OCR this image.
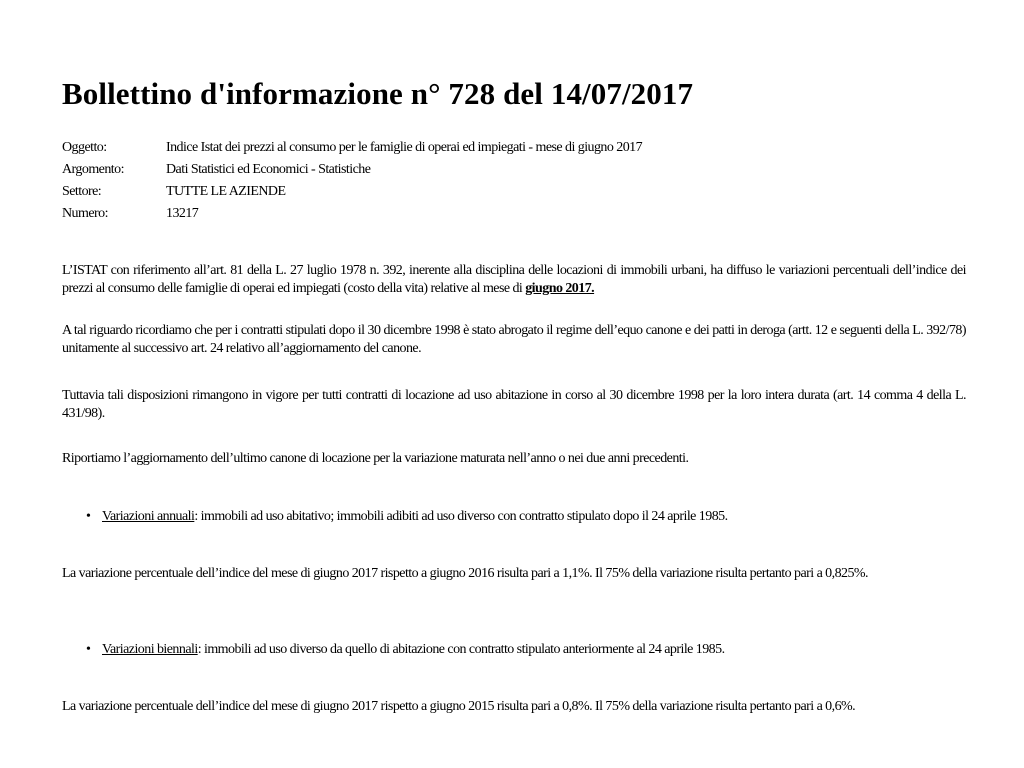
Bollettino d'informazione n° 728 del 14/07/2017
Oggetto:	Indice Istat dei prezzi al consumo per le famiglie di operai ed impiegati - mese di giugno 2017
Argomento:	Dati Statistici ed Economici - Statistiche
Settore:	TUTTE LE AZIENDE
Numero:	13217

L’ISTAT con riferimento all’art. 81 della L. 27 luglio 1978 n. 392, inerente alla disciplina delle locazioni di immobili urbani, ha diffuso le variazioni percentuali dell’indice dei prezzi al consumo delle famiglie di operai ed impiegati (costo della vita) relative al mese di giugno 2017.

A tal riguardo ricordiamo che per i contratti stipulati dopo il 30 dicembre 1998 è stato abrogato il regime dell’equo canone e dei patti in deroga (artt. 12 e seguenti della L. 392/78) unitamente al successivo art. 24 relativo all’aggiornamento del canone.

Tuttavia tali disposizioni rimangono in vigore per tutti contratti di locazione ad uso abitazione in corso al 30 dicembre 1998 per la loro intera durata (art. 14 comma 4 della L. 431/98).

Riportiamo l’aggiornamento dell’ultimo canone di locazione per la variazione maturata nell’anno o nei due anni precedenti.

• Variazioni annuali: immobili ad uso abitativo; immobili adibiti ad uso diverso con contratto stipulato dopo il 24 aprile 1985.

La variazione percentuale dell’indice del mese di giugno 2017 rispetto a giugno 2016 risulta pari a 1,1%. Il 75% della variazione risulta pertanto pari a 0,825%.

• Variazioni biennali: immobili ad uso diverso da quello di abitazione con contratto stipulato anteriormente al 24 aprile 1985.

La variazione percentuale dell’indice del mese di giugno 2017 rispetto a giugno 2015 risulta pari a 0,8%. Il 75% della variazione risulta pertanto pari a 0,6%.
